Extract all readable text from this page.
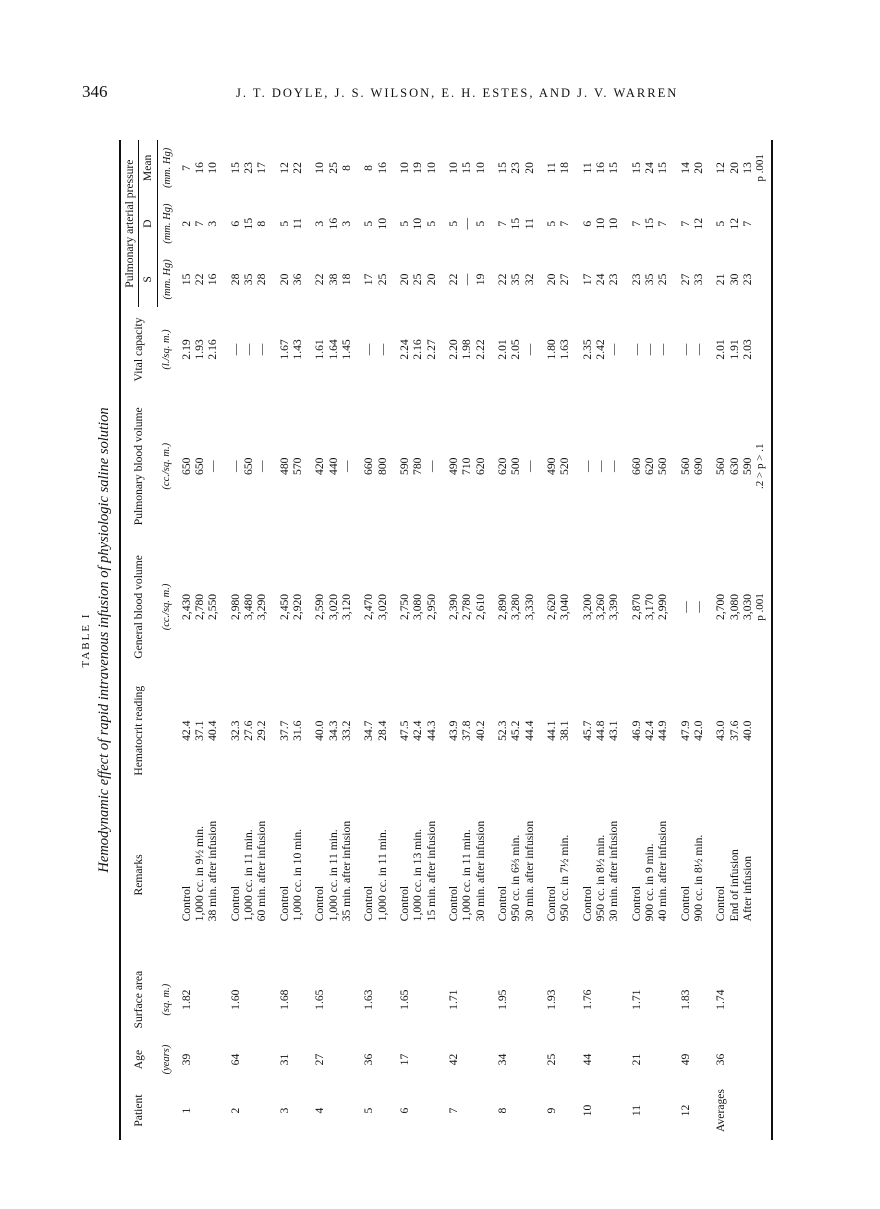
346	J. T. DOYLE, J. S. WILSON, E. H. ESTES, AND J. V. WARREN
TABLE I Hemodynamic effect of rapid intravenous infusion of physiologic saline solution
Patient	Age	Surface area	Remarks	Hematocrit reading	General blood volume	Pulmonary blood volume	Vital capacity	Pulmonary arterial pressure		
								S	D	Mean
	(years)	(sq. m.)			(cc./sq. m.)	(cc./sq. m.)	(l./sq. m.)	(mm. Hg)	(mm. Hg)	(mm. Hg)
1	39	1.82	Control 1,000 cc. in 9½ min. 38 min. after infusion	42.4 37.1 40.4	2,430 2,780 2,550	650 650 —	2.19 1.93 2.16	15 22 16	2 7 3	7 16 10

2	64	1.60	Control 1,000 cc. in 11 min. 60 min. after infusion	32.3 27.6 29.2	2,980 3,480 3,290	— 650 —	— — —	28 35 28	6 15 8	15 23 17

3	31	1.68	Control 1,000 cc. in 10 min.	37.7 31.6	2,450 2,920	480 570	1.67 1.43	20 36	5 11	12 22

4	27	1.65	Control 1,000 cc. in 11 min. 35 min. after infusion	40.0 34.3 33.2	2,590 3,020 3,120	420 440 —	1.61 1.64 1.45	22 38 18	3 16 3	10 25 8

5	36	1.63	Control 1,000 cc. in 11 min.	34.7 28.4	2,470 3,020	660 800	— —	17 25	5 10	8 16

6	17	1.65	Control 1,000 cc. in 13 min. 15 min. after infusion	47.5 42.4 44.3	2,750 3,080 2,950	590 780 —	2.24 2.16 2.27	20 25 20	5 10 5	10 19 10

7	42	1.71	Control 1,000 cc. in 11 min. 30 min. after infusion	43.9 37.8 40.2	2,390 2,780 2,610	490 710 620	2.20 1.98 2.22	22 — 19	5 — 5	10 15 10

8	34	1.95	Control 950 cc. in 6⅔ min. 30 min. after infusion	52.3 45.2 44.4	2,890 3,280 3,330	620 500 —	2.01 2.05 —	22 35 32	7 15 11	15 23 20

9	25	1.93	Control 950 cc. in 7½ min.	44.1 38.1	2,620 3,040	490 520	1.80 1.63	20 27	5 7	11 18

10	44	1.76	Control 950 cc. in 8½ min. 30 min. after infusion	45.7 44.8 43.1	3,200 3,260 3,390	— — —	2.35 2.42 —	17 24 23	6 10 10	11 16 15

11	21	1.71	Control 900 cc. in 9 min. 40 min. after infusion	46.9 42.4 44.9	2,870 3,170 2,990	660 620 560	— — —	23 35 25	7 15 7	15 24 15

12	49	1.83	Control 900 cc. in 8½ min.	47.9 42.0	— —	560 690	— —	27 33	7 12	14 20

Averages	36	1.74	Control End of infusion After infusion	43.0 37.6 40.0	2,700 3,080 3,030 p .001	560 630 590 .2 > p > .1	2.01 1.91 2.03	21 30 23	5 12 7	12 20 13 p .001
